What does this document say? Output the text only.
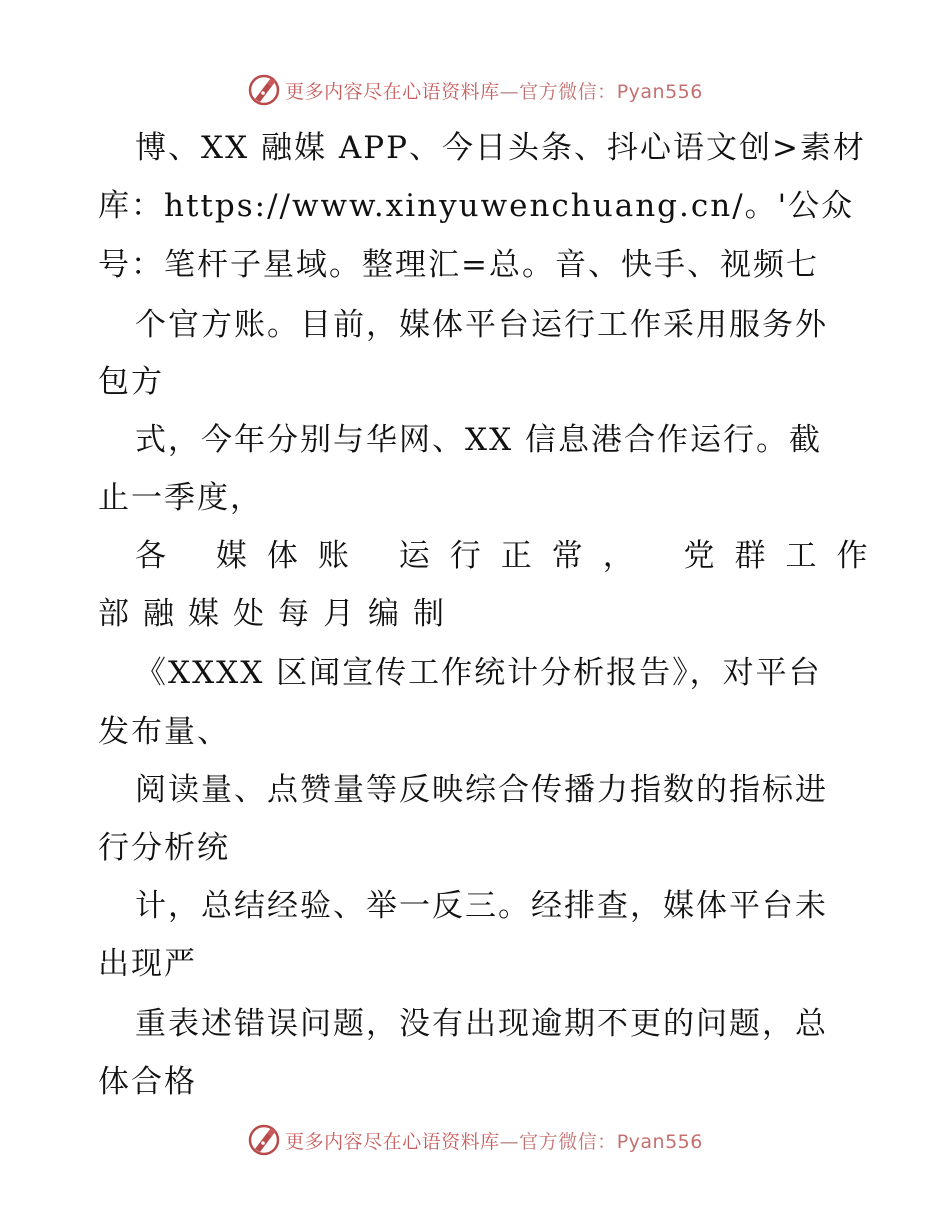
更多内容尽在心语资料库—官方微信：Pyan556
博、XX 融媒 APP、今日头条、抖心语文创>素材
库：https://www.xinyuwenchuang.cn/。'公众
号：笔杆子星域。整理汇=总。音、快手、视频七
个官方账。目前，媒体平台运行工作采用服务外
包方
式，今年分别与华网、XX 信息港合作运行。截
止一季度，
各 媒体账 运行正常， 党群工作
部融媒处每月编制
《XXXX 区闻宣传工作统计分析报告》，对平台
发布量、
阅读量、点赞量等反映综合传播力指数的指标进
行分析统
计，总结经验、举一反三。经排查，媒体平台未
出现严
重表述错误问题，没有出现逾期不更的问题，总
体合格
更多内容尽在心语资料库—官方微信：Pyan556
